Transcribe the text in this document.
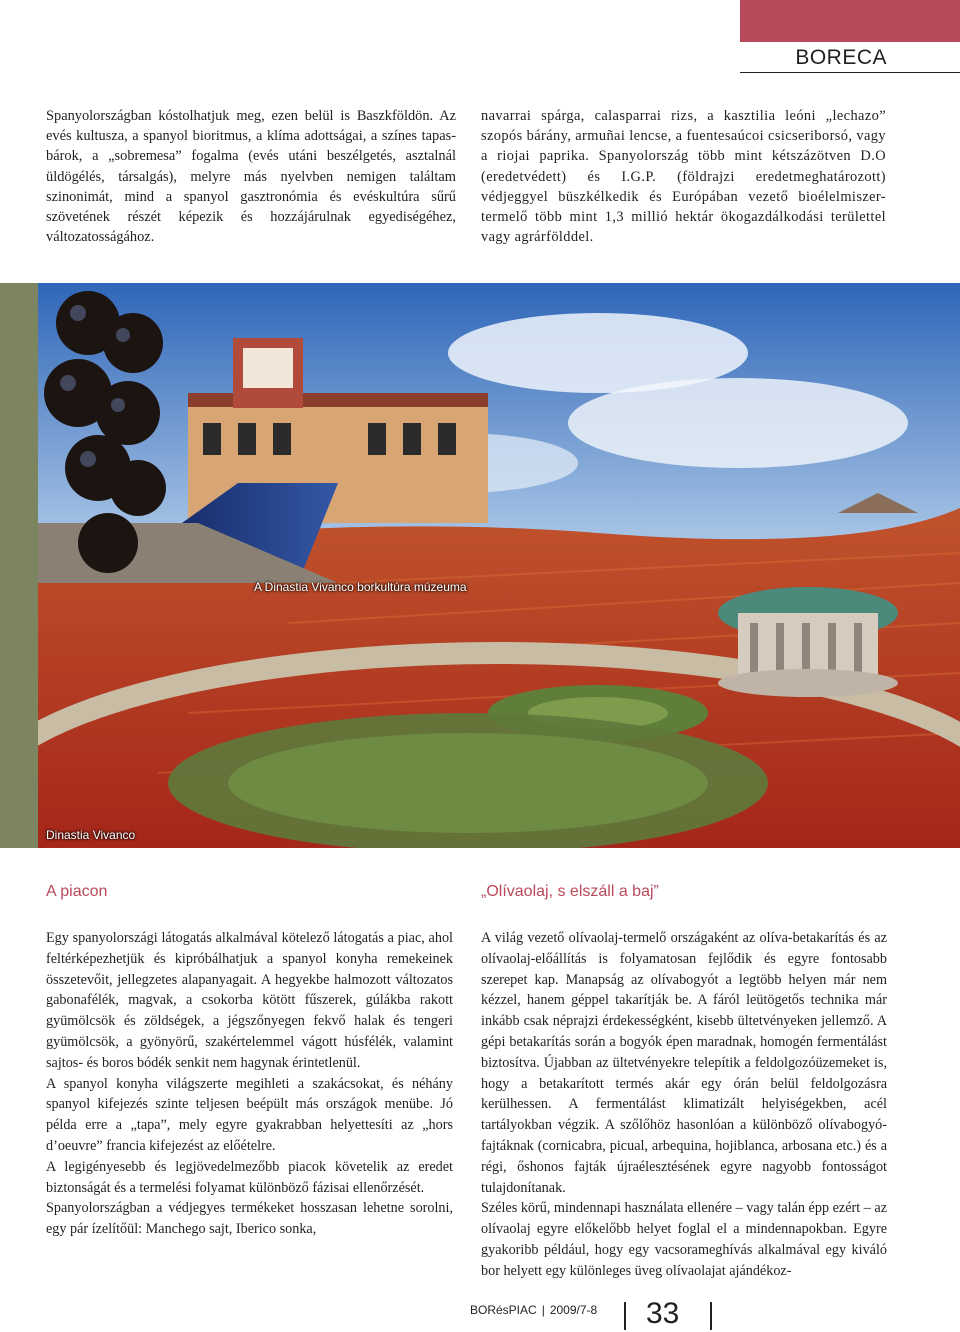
BORECA

Spanyolországban kóstolhatjuk meg, ezen belül is Baszkföldön. Az evés kultusza, a spanyol bioritmus, a klíma adottságai, a színes tapas-bárok, a „sobremesa” fogalma (evés utáni beszélgetés, asztalnál üldögélés, társalgás), melyre más nyelvben nemigen találtam szinonimát, mind a spanyol gasztronómia és evéskultúra sűrű szövetének részét képezik és hozzájárulnak egyediségéhez, változatosságához.

navarrai spárga, calasparrai rizs, a kasztilia leóni „lechazo” szopós bárány, armuñai lencse, a fuentesaúcoi csicseriborsó, vagy a riojai paprika. Spanyolország több mint kétszázötven D.O (eredetvédett) és I.G.P. (földrajzi eredetmeghatározott) védjeggyel büszkélkedik és Európában vezető bioélelmiszer-termelő több mint 1,3 millió hektár ökogazdálkodási területtel vagy agrárfölddel.

A Dinastia Vivanco borkultúra múzeuma
Dinastia Vivanco
A piacon	„Olívaolaj, s elszáll a baj”

Egy spanyolországi látogatás alkalmával kötelező látogatás a piac, ahol feltérképezhetjük és kipróbálhatjuk a spanyol konyha remekeinek összetevőit, jellegzetes alapanyagait. A hegyekbe halmozott változatos gabonafélék, magvak, a csokorba kötött fűszerek, gúlákba rakott gyümölcsök és zöldségek, a jégszőnyegen fekvő halak és tengeri gyümölcsök, a gyönyörű, szakértelemmel vágott húsfélék, valamint sajtos- és boros bódék senkit nem hagynak érintetlenül.

A spanyol konyha világszerte megihleti a szakácsokat, és néhány spanyol kifejezés szinte teljesen beépült más országok menübe. Jó példa erre a „tapa”, mely egyre gyakrabban helyettesíti az „hors d’oeuvre” francia kifejezést az előételre.

A legigényesebb és legjövedelmezőbb piacok követelik az eredet biztonságát és a termelési folyamat különböző fázisai ellenőrzését.

Spanyolországban a védjegyes termékeket hosszasan lehetne sorolni, egy pár ízelítőül: Manchego sajt, Iberico sonka,

A világ vezető olívaolaj-termelő országaként az olíva-betakarítás és az olívaolaj-előállítás is folyamatosan fejlődik és egyre fontosabb szerepet kap. Manapság az olívabogyót a legtöbb helyen már nem kézzel, hanem géppel takarítják be. A fáról leütögetős technika már inkább csak néprajzi érdekességként, kisebb ültetvényeken jellemző. A gépi betakarítás során a bogyók épen maradnak, homogén fermentálást biztosítva. Újabban az ültetvényekre telepítik a feldolgozóüzemeket is, hogy a betakarított termés akár egy órán belül feldolgozásra kerülhessen. A fermentálást klimatizált helyiségekben, acél tartályokban végzik. A szőlőhöz hasonlóan a különböző olívabogyó-fajtáknak (cornicabra, picual, arbequina, hojiblanca, arbosana etc.) és a régi, őshonos fajták újraélesztésének egyre nagyobb fontosságot tulajdonítanak.

Széles körű, mindennapi használata ellenére – vagy talán épp ezért – az olívaolaj egyre előkelőbb helyet foglal el a mindennapokban. Egyre gyakoribb például, hogy egy vacsorameghívás alkalmával egy kiváló bor helyett egy különleges üveg olívaolajat ajándékoz-

BORésPIAC | 2009/7-8 33
